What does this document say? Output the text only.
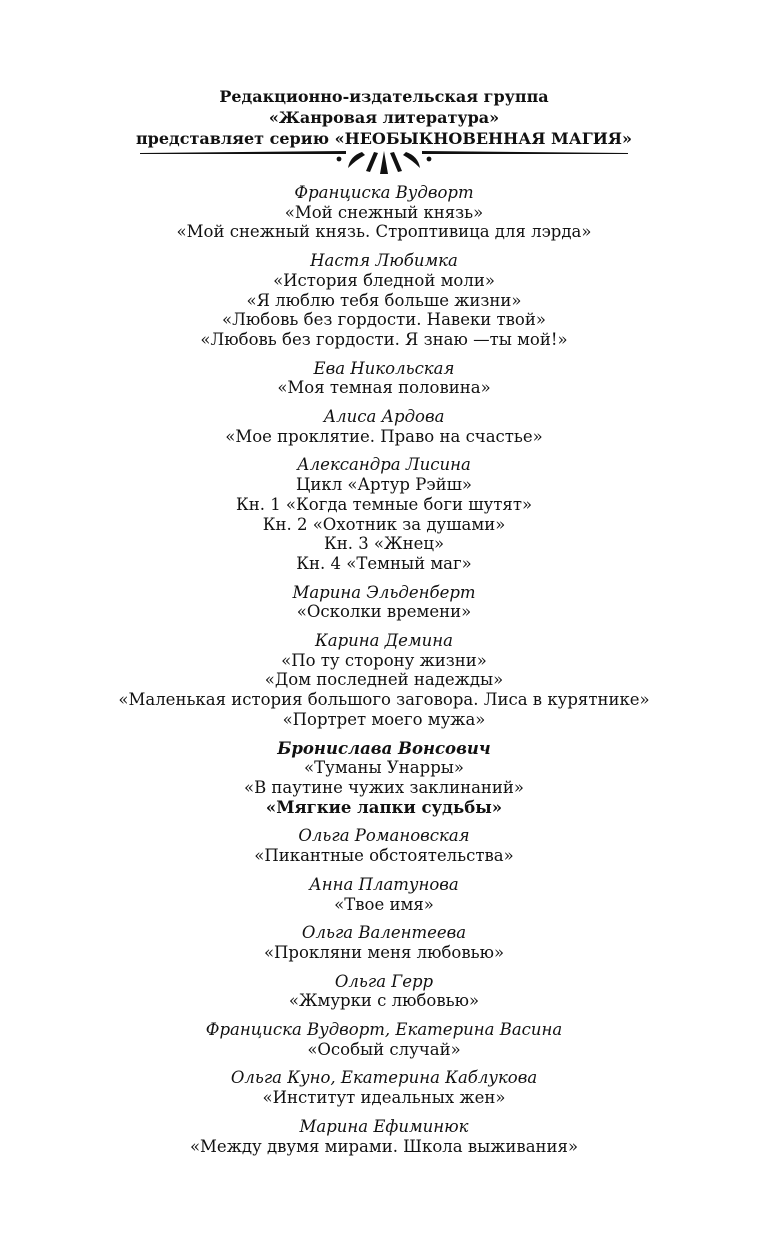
Редакционно-издательская группа
«Жанровая литература»
представляет серию «НЕОБЫКНОВЕННАЯ МАГИЯ»
Франциска Вудворт
«Мой снежный князь»
«Мой снежный князь. Строптивица для лэрда»
Настя Любимка
«История бледной моли»
«Я люблю тебя больше жизни»
«Любовь без гордости. Навеки твой»
«Любовь без гордости. Я знаю —ты мой!»
Ева Никольская
«Моя темная половина»
Алиса Ардова
«Мое проклятие. Право на счастье»
Александра Лисина
Цикл «Артур Рэйш»
Кн. 1 «Когда темные боги шутят»
Кн. 2 «Охотник за душами»
Кн. 3 «Жнец»
Кн. 4 «Темный маг»
Марина Эльденберт
«Осколки времени»
Карина Демина
«По ту сторону жизни»
«Дом последней надежды»
«Маленькая история большого заговора. Лиса в курятнике»
«Портрет моего мужа»
Бронислава Вонсович
«Туманы Унарры»
«В паутине чужих заклинаний»
«Мягкие лапки судьбы»
Ольга Романовская
«Пикантные обстоятельства»
Анна Платунова
«Твое имя»
Ольга Валентеева
«Прокляни меня любовью»
Ольга Герр
«Жмурки с любовью»
Франциска Вудворт, Екатерина Васина
«Особый случай»
Ольга Куно, Екатерина Каблукова
«Институт идеальных жен»
Марина Ефиминюк
«Между двумя мирами. Школа выживания»
